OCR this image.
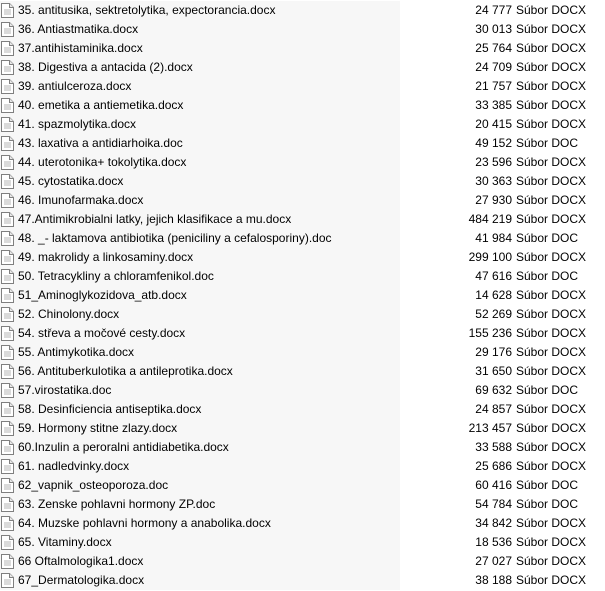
35. antitusika, sektretolytika, expectorancia.docx	24 777 Súbor DOCX
36. Antiastmatika.docx	30 013 Súbor DOCX
37.antihistaminika.docx	25 764 Súbor DOCX
38. Digestiva a antacida (2).docx	24 709 Súbor DOCX
39. antiulceroza.docx	21 757 Súbor DOCX
40. emetika a antiemetika.docx	33 385 Súbor DOCX
41. spazmolytika.docx	20 415 Súbor DOCX
43. laxativa a antidiarhoika.doc	49 152 Súbor DOC
44. uterotonika+ tokolytika.docx	23 596 Súbor DOCX
45. cytostatika.docx	30 363 Súbor DOCX
46. Imunofarmaka.docx	27 930 Súbor DOCX
47.Antimikrobialni latky, jejich klasifikace a mu.docx	484 219 Súbor DOCX
48. _- laktamova antibiotika (peniciliny a cefalosporiny).doc	41 984 Súbor DOC
49. makrolidy a linkosaminy.docx	299 100 Súbor DOCX
50. Tetracykliny a chloramfenikol.doc	47 616 Súbor DOC
51_Aminoglykozidova_atb.docx	14 628 Súbor DOCX
52. Chinolony.docx	52 269 Súbor DOCX
54. střeva a močové cesty.docx	155 236 Súbor DOCX
55. Antimykotika.docx	29 176 Súbor DOCX
56. Antituberkulotika a antileprotika.docx	31 650 Súbor DOCX
57.virostatika.doc	69 632 Súbor DOC
58. Desinficiencia antiseptika.docx	24 857 Súbor DOCX
59. Hormony stitne zlazy.docx	213 457 Súbor DOCX
60.Inzulin a peroralni antidiabetika.docx	33 588 Súbor DOCX
61. nadledvinky.docx	25 686 Súbor DOCX
62_vapnik_osteoporoza.doc	60 416 Súbor DOC
63. Zenske pohlavni hormony ZP.doc	54 784 Súbor DOC
64. Muzske pohlavni hormony a anabolika.docx	34 842 Súbor DOCX
65. Vitaminy.docx	18 536 Súbor DOCX
66 Oftalmologika1.docx	27 027 Súbor DOCX
67_Dermatologika.docx	38 188 Súbor DOCX
